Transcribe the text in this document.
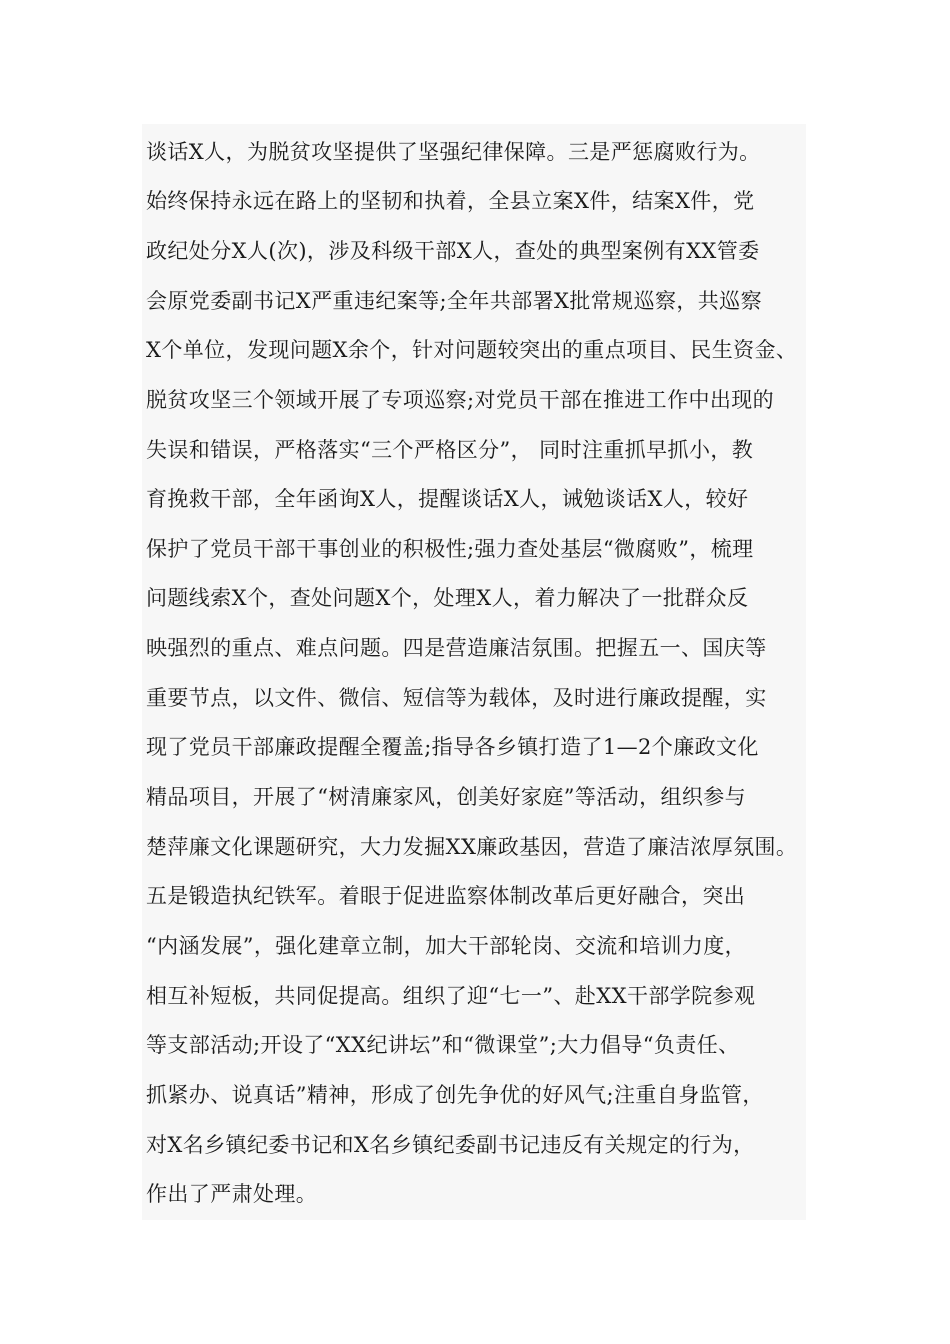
谈话X人，为脱贫攻坚提供了坚强纪律保障。三是严惩腐败行为。
始终保持永远在路上的坚韧和执着，全县立案X件，结案X件，党
政纪处分X人(次)，涉及科级干部X人，查处的典型案例有XX管委
会原党委副书记X严重违纪案等;全年共部署X批常规巡察，共巡察
X个单位，发现问题X余个，针对问题较突出的重点项目、民生资金、
脱贫攻坚三个领域开展了专项巡察;对党员干部在推进工作中出现的
失误和错误，严格落实“三个严格区分”， 同时注重抓早抓小，教
育挽救干部，全年函询X人，提醒谈话X人，诫勉谈话X人，较好
保护了党员干部干事创业的积极性;强力查处基层“微腐败”，梳理
问题线索X个，查处问题X个，处理X人，着力解决了一批群众反
映强烈的重点、难点问题。四是营造廉洁氛围。把握五一、国庆等
重要节点，以文件、微信、短信等为载体，及时进行廉政提醒，实
现了党员干部廉政提醒全覆盖;指导各乡镇打造了1—2个廉政文化
精品项目，开展了“树清廉家风，创美好家庭”等活动，组织参与
楚萍廉文化课题研究，大力发掘XX廉政基因，营造了廉洁浓厚氛围。
五是锻造执纪铁军。着眼于促进监察体制改革后更好融合，突出
“内涵发展”，强化建章立制，加大干部轮岗、交流和培训力度，
相互补短板，共同促提高。组织了迎“七一”、赴XX干部学院参观
等支部活动;开设了“XX纪讲坛”和“微课堂”;大力倡导“负责任、
抓紧办、说真话”精神，形成了创先争优的好风气;注重自身监管，
对X名乡镇纪委书记和X名乡镇纪委副书记违反有关规定的行为，
作出了严肃处理。
